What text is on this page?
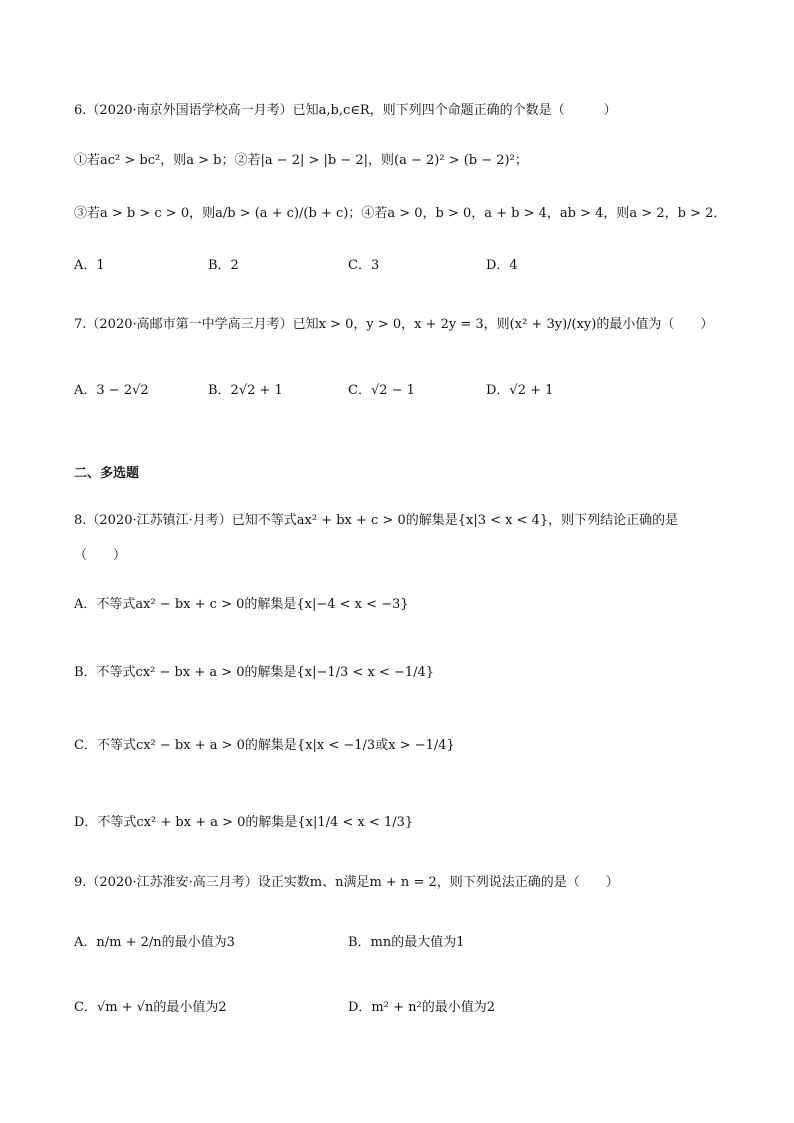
6.（2020·南京外国语学校高一月考）已知a,b,c∈R，则下列四个命题正确的个数是（　　　）
①若ac² > bc²，则a > b；②若|a − 2| > |b − 2|，则(a − 2)² > (b − 2)²；
③若a > b > c > 0，则a/b > (a + c)/(b + c)；④若a > 0，b > 0，a + b > 4，ab > 4，则a > 2，b > 2．
A．1	B．2	C．3	D．4
7.（2020·高邮市第一中学高三月考）已知x > 0，y > 0，x + 2y = 3，则(x² + 3y)/(xy)的最小值为（　　）
A．3 − 2√2	B．2√2 + 1	C．√2 − 1	D．√2 + 1
二、多选题
8.（2020·江苏镇江·月考）已知不等式ax² + bx + c > 0的解集是{x|3 < x < 4}，则下列结论正确的是
（　　）
A．不等式ax² − bx + c > 0的解集是{x|−4 < x < −3}
B．不等式cx² − bx + a > 0的解集是{x|−1/3 < x < −1/4}
C．不等式cx² − bx + a > 0的解集是{x|x < −1/3或x > −1/4}
D．不等式cx² + bx + a > 0的解集是{x|1/4 < x < 1/3}
9.（2020·江苏淮安·高三月考）设正实数m、n满足m + n = 2，则下列说法正确的是（　　）
A．n/m + 2/n的最小值为3	B．mn的最大值为1
C．√m + √n的最小值为2	D．m² + n²的最小值为2
